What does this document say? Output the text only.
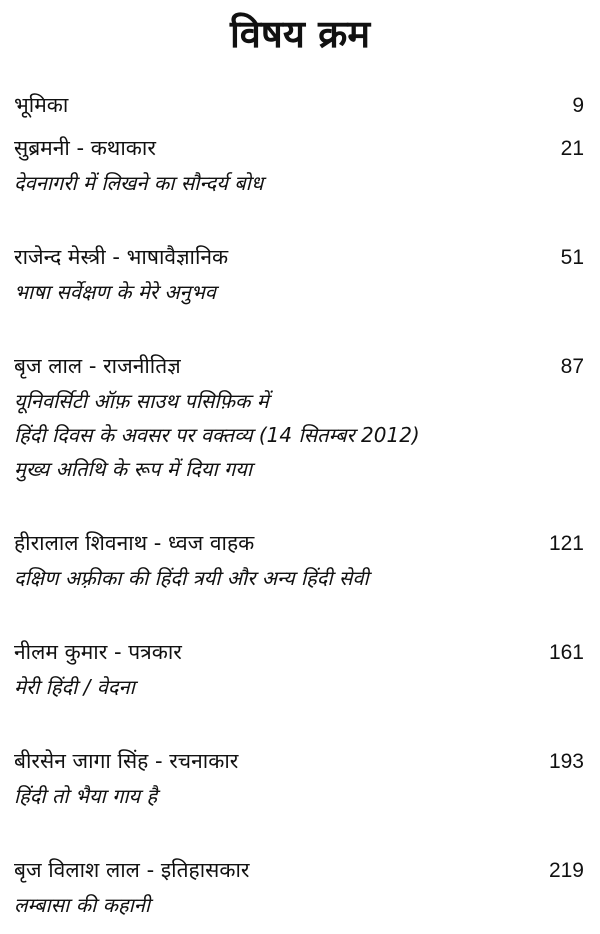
विषय क्रम
भूमिका	9
सुब्रमनी - कथाकार	21
देवनागरी में लिखने का सौन्दर्य बोध
राजेन्द मेस्त्री - भाषावैज्ञानिक	51
भाषा सर्वेक्षण के मेरे अनुभव
बृज लाल - राजनीतिज्ञ	87
यूनिवर्सिटी ऑफ़ साउथ पसिफ़िक में
हिंदी दिवस के अवसर पर वक्तव्य (14 सितम्बर 2012)
मुख्य अतिथि के रूप में दिया गया
हीरालाल शिवनाथ - ध्वज वाहक	121
दक्षिण अफ़्रीका की हिंदी त्रयी और अन्य हिंदी सेवी
नीलम कुमार - पत्रकार	161
मेरी हिंदी / वेदना
बीरसेन जागा सिंह - रचनाकार	193
हिंदी तो भैया गाय है
बृज विलाश लाल - इतिहासकार	219
लम्बासा की कहानी
